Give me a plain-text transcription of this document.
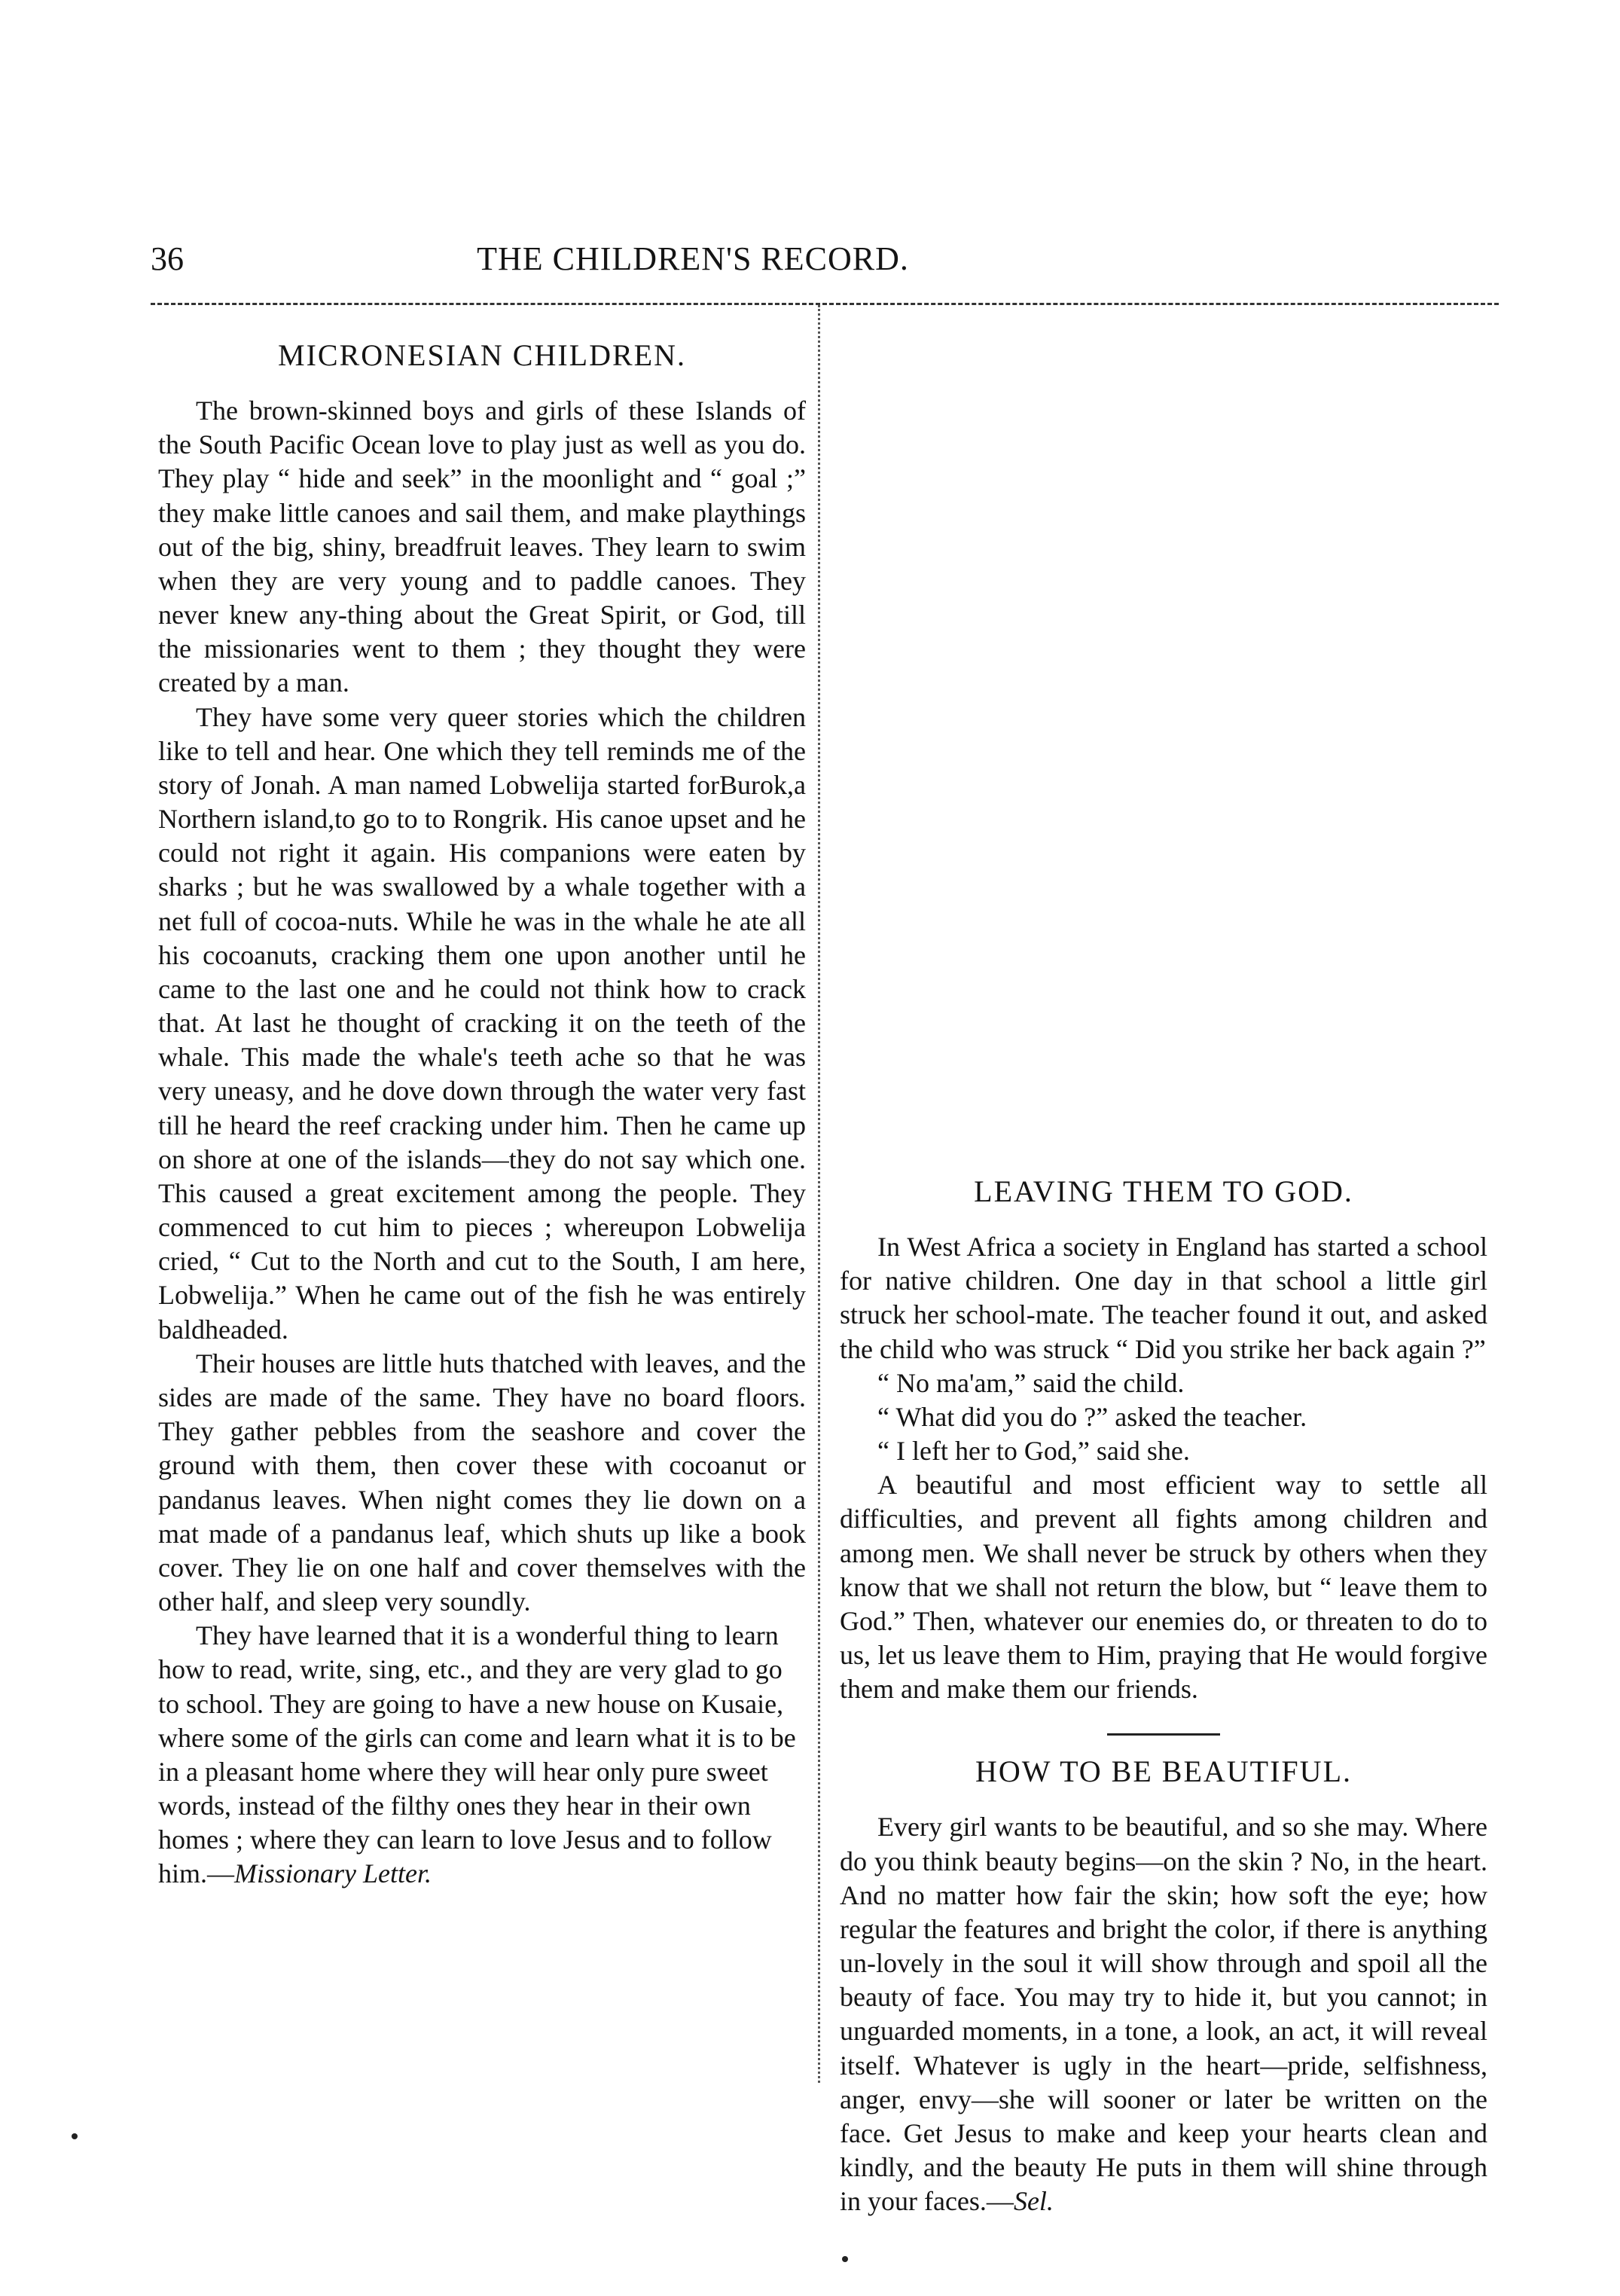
36	THE CHILDREN'S RECORD.
MICRONESIAN CHILDREN.

The brown-skinned boys and girls of these Islands of the South Pacific Ocean love to play just as well as you do. They play “ hide and seek” in the moonlight and “ goal ;” they make little canoes and sail them, and make playthings out of the big, shiny, breadfruit leaves. They learn to swim when they are very young and to paddle canoes. They never knew any-thing about the Great Spirit, or God, till the missionaries went to them ; they thought they were created by a man.

They have some very queer stories which the children like to tell and hear. One which they tell reminds me of the story of Jonah. A man named Lobwelija started forBurok,a Northern island,to go to to Rongrik. His canoe upset and he could not right it again. His companions were eaten by sharks ; but he was swallowed by a whale together with a net full of cocoa-nuts. While he was in the whale he ate all his cocoanuts, cracking them one upon another until he came to the last one and he could not think how to crack that. At last he thought of cracking it on the teeth of the whale. This made the whale's teeth ache so that he was very uneasy, and he dove down through the water very fast till he heard the reef cracking under him. Then he came up on shore at one of the islands—they do not say which one. This caused a great excitement among the people. They commenced to cut him to pieces ; whereupon Lobwelija cried, “ Cut to the North and cut to the South, I am here, Lobwelija.” When he came out of the fish he was entirely baldheaded.

Their houses are little huts thatched with leaves, and the sides are made of the same. They have no board floors. They gather pebbles from the seashore and cover the ground with them, then cover these with cocoanut or pandanus leaves. When night comes they lie down on a mat made of a pandanus leaf, which shuts up like a book cover. They lie on one half and cover themselves with the other half, and sleep very soundly.

They have learned that it is a wonderful thing to learn how to read, write, sing, etc., and they are very glad to go to school. They are going to have a new house on Kusaie, where some of the girls can come and learn what it is to be in a pleasant home where they will hear only pure sweet words, instead of the filthy ones they hear in their own homes ; where they can learn to love Jesus and to follow him.—Missionary Letter.

LEAVING THEM TO GOD.

In West Africa a society in England has started a school for native children. One day in that school a little girl struck her school-mate. The teacher found it out, and asked the child who was struck “ Did you strike her back again ?”

“ No ma'am,” said the child.

“ What did you do ?” asked the teacher.

“ I left her to God,” said she.

A beautiful and most efficient way to settle all difficulties, and prevent all fights among children and among men. We shall never be struck by others when they know that we shall not return the blow, but “ leave them to God.” Then, whatever our enemies do, or threaten to do to us, let us leave them to Him, praying that He would forgive them and make them our friends.

HOW TO BE BEAUTIFUL.

Every girl wants to be beautiful, and so she may. Where do you think beauty begins—on the skin ? No, in the heart. And no matter how fair the skin; how soft the eye; how regular the features and bright the color, if there is anything un-lovely in the soul it will show through and spoil all the beauty of face. You may try to hide it, but you cannot; in unguarded moments, in a tone, a look, an act, it will reveal itself. Whatever is ugly in the heart—pride, selfishness, anger, envy—she will sooner or later be written on the face. Get Jesus to make and keep your hearts clean and kindly, and the beauty He puts in them will shine through in your faces.—Sel.
